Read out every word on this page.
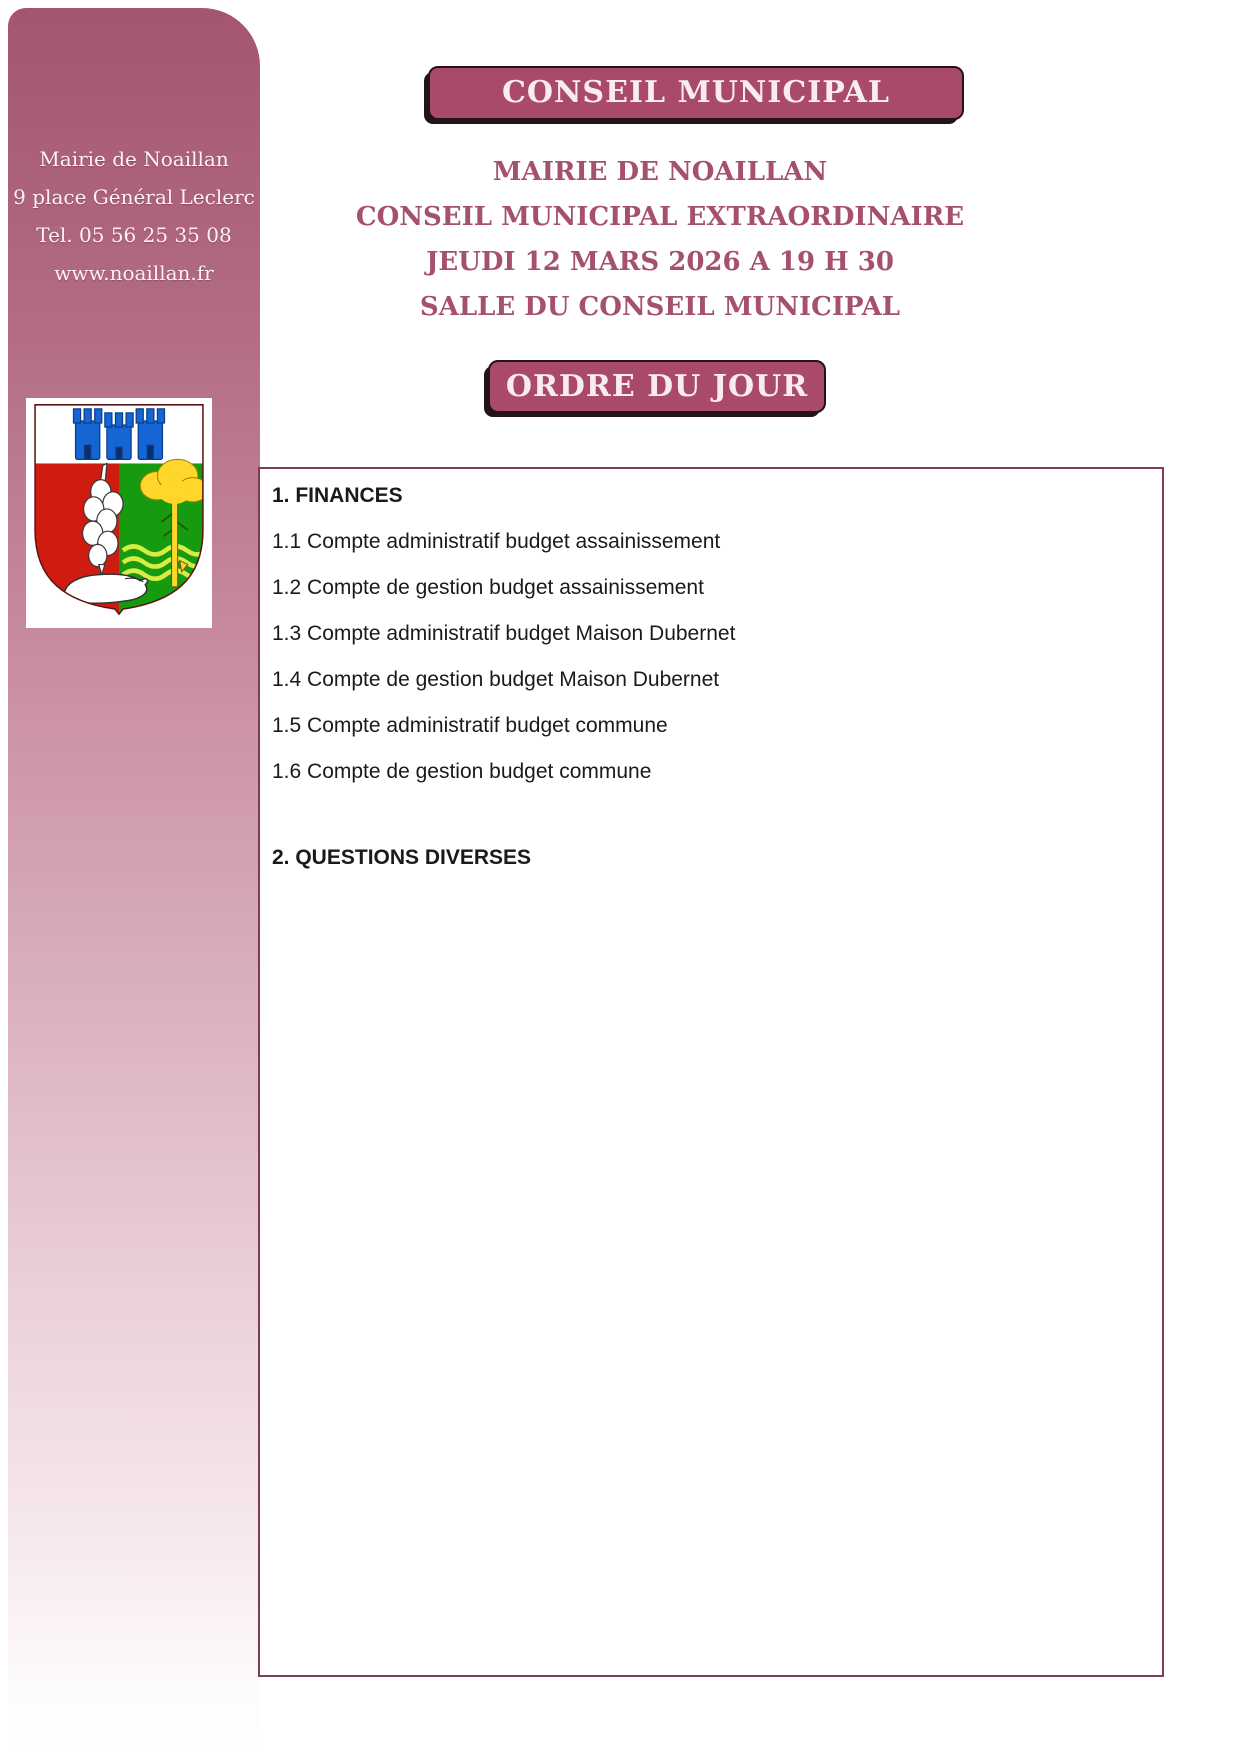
Mairie de Noaillan
9 place Général Leclerc
Tel. 05 56 25 35 08
www.noaillan.fr
CONSEIL MUNICIPAL
MAIRIE DE NOAILLAN
CONSEIL MUNICIPAL EXTRAORDINAIRE
JEUDI 12 MARS 2026 A 19 H 30
SALLE DU CONSEIL MUNICIPAL
ORDRE DU JOUR

1. FINANCES

1.1 Compte administratif budget assainissement

1.2 Compte de gestion budget assainissement

1.3 Compte administratif budget Maison Dubernet

1.4 Compte de gestion budget Maison Dubernet

1.5 Compte administratif budget commune

1.6 Compte de gestion budget commune

2. QUESTIONS DIVERSES
